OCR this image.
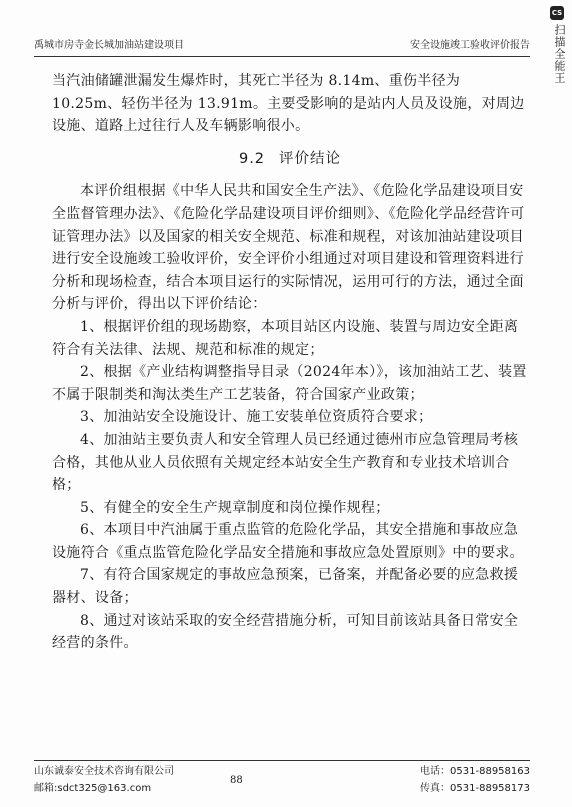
禹城市房寺金长城加油站建设项目	安全设施竣工验收评价报告

当汽油储罐泄漏发生爆炸时，其死亡半径为 8.14m、重伤半径为 10.25m、轻伤半径为 13.91m。主要受影响的是站内人员及设施，对周边设施、道路上过往行人及车辆影响很小。

9.2 评价结论

本评价组根据《中华人民共和国安全生产法》、《危险化学品建设项目安全监督管理办法》、《危险化学品建设项目评价细则》、《危险化学品经营许可证管理办法》以及国家的相关安全规范、标准和规程，对该加油站建设项目进行安全设施竣工验收评价，安全评价小组通过对项目建设和管理资料进行分析和现场检查，结合本项目运行的实际情况，运用可行的方法，通过全面分析与评价，得出以下评价结论：

1、根据评价组的现场勘察，本项目站区内设施、装置与周边安全距离符合有关法律、法规、规范和标准的规定；

2、根据《产业结构调整指导目录（2024年本）》，该加油站工艺、装置不属于限制类和淘汰类生产工艺装备，符合国家产业政策；

3、加油站安全设施设计、施工安装单位资质符合要求；

4、加油站主要负责人和安全管理人员已经通过德州市应急管理局考核合格，其他从业人员依照有关规定经本站安全生产教育和专业技术培训合格；

5、有健全的安全生产规章制度和岗位操作规程；

6、本项目中汽油属于重点监管的危险化学品，其安全措施和事故应急设施符合《重点监管危险化学品安全措施和事故应急处置原则》中的要求。

7、有符合国家规定的事故应急预案，已备案，并配备必要的应急救援器材、设备；

8、通过对该站采取的安全经营措施分析，可知目前该站具备日常安全经营的条件。

山东诚泰安全技术咨询有限公司
邮箱:sdct325@163.com
88
电话：0531-88958163
传真：0531-88958173
CS
扫描全能王
